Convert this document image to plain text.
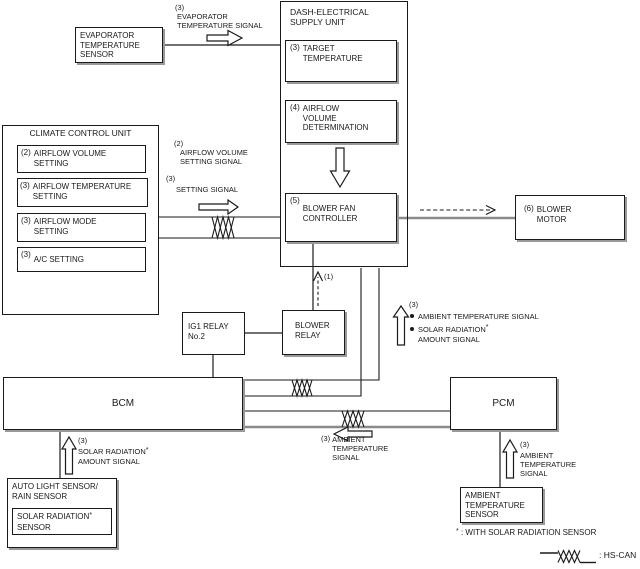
DASH-ELECTRICAL
SUPPLY UNIT
CLIMATE CONTROL UNIT
EVAPORATOR
TEMPERATURE
SENSOR
(3) TARGET
TEMPERATURE
(4) AIRFLOW
VOLUME
DETERMINATION
(5)
BLOWER FAN
CONTROLLER
(6) BLOWER
MOTOR
(2) AIRFLOW VOLUME
SETTING
(3) AIRFLOW TEMPERATURE
SETTING
(3) AIRFLOW MODE
SETTING
(3)
A/C SETTING
IG1 RELAY
No.2
BLOWER
RELAY
BCM	PCM
AUTO LIGHT SENSOR/
RAIN SENSOR
SOLAR RADIATION*
SENSOR
AMBIENT
TEMPERATURE
SENSOR
(3)
EVAPORATOR
TEMPERATURE SIGNAL
(2)
AIRFLOW VOLUME
SETTING SIGNAL
(3)
SETTING SIGNAL
(1)
(3)
AMBIENT TEMPERATURE SIGNAL
SOLAR RADIATION*
AMOUNT SIGNAL
(3) AMBIENT
TEMPERATURE
SIGNAL
(3)
SOLAR RADIATION*
AMOUNT SIGNAL
(3)
AMBIENT
TEMPERATURE
SIGNAL
* : WITH SOLAR RADIATION SENSOR
: HS-CAN
